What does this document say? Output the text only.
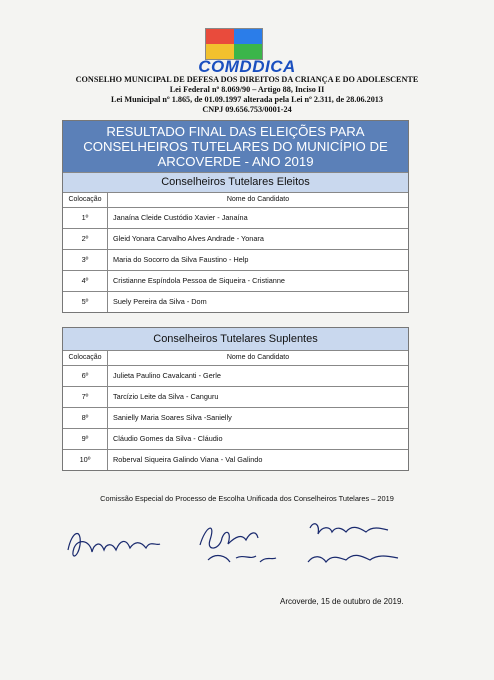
COMDDICA
CONSELHO MUNICIPAL DE DEFESA DOS DIREITOS DA CRIANÇA E DO ADOLESCENTE
Lei Federal nº 8.069/90 – Artigo 88, Inciso II
Lei Municipal nº 1.865, de 01.09.1997 alterada pela Lei nº 2.311, de 28.06.2013
CNPJ 09.656.753/0001-24
RESULTADO FINAL DAS ELEIÇÕES PARA CONSELHEIROS TUTELARES DO MUNICÍPIO DE ARCOVERDE - ANO 2019
Conselheiros Tutelares Eleitos
Colocação	Nome do Candidato
1º	Janaína Cleide Custódio Xavier - Janaína
2º	Gleid Yonara Carvalho Alves Andrade - Yonara
3º	Maria do Socorro da Silva Faustino - Help
4º	Cristianne Espíndola Pessoa de Siqueira - Cristianne
5º	Suely Pereira da Silva - Dom
Conselheiros Tutelares Suplentes
Colocação	Nome do Candidato
6º	Julieta Paulino Cavalcanti - Gerle
7º	Tarcízio Leite da Silva - Canguru
8º	Sanielly Maria Soares Silva -Sanielly
9º	Cláudio Gomes da Silva - Cláudio
10º	Roberval Siqueira Galindo Viana - Val Galindo
Comissão Especial do Processo de Escolha Unificada dos Conselheiros Tutelares – 2019
Arcoverde, 15 de outubro de 2019.
